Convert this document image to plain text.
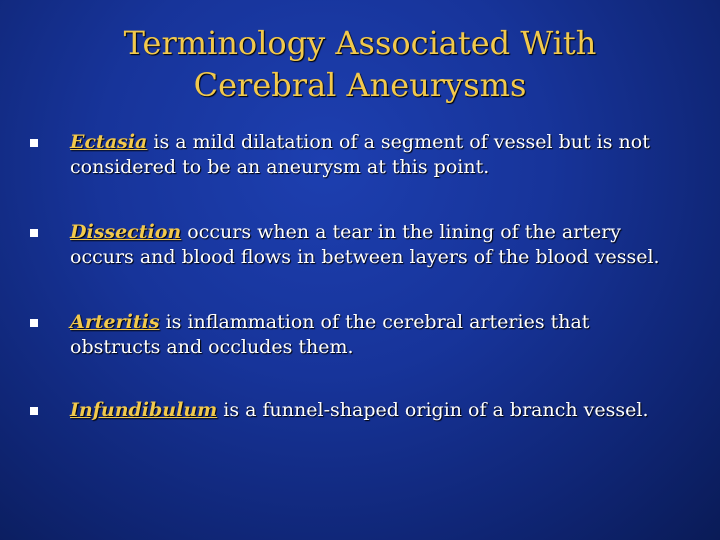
Terminology Associated With
Cerebral Aneurysms
Ectasia is a mild dilatation of a segment of vessel but is not considered to be an aneurysm at this point.
Dissection occurs when a tear in the lining of the artery occurs and blood flows in between layers of the blood vessel.
Arteritis is inflammation of the cerebral arteries that obstructs and occludes them.
Infundibulum is a funnel-shaped origin of a branch vessel.
